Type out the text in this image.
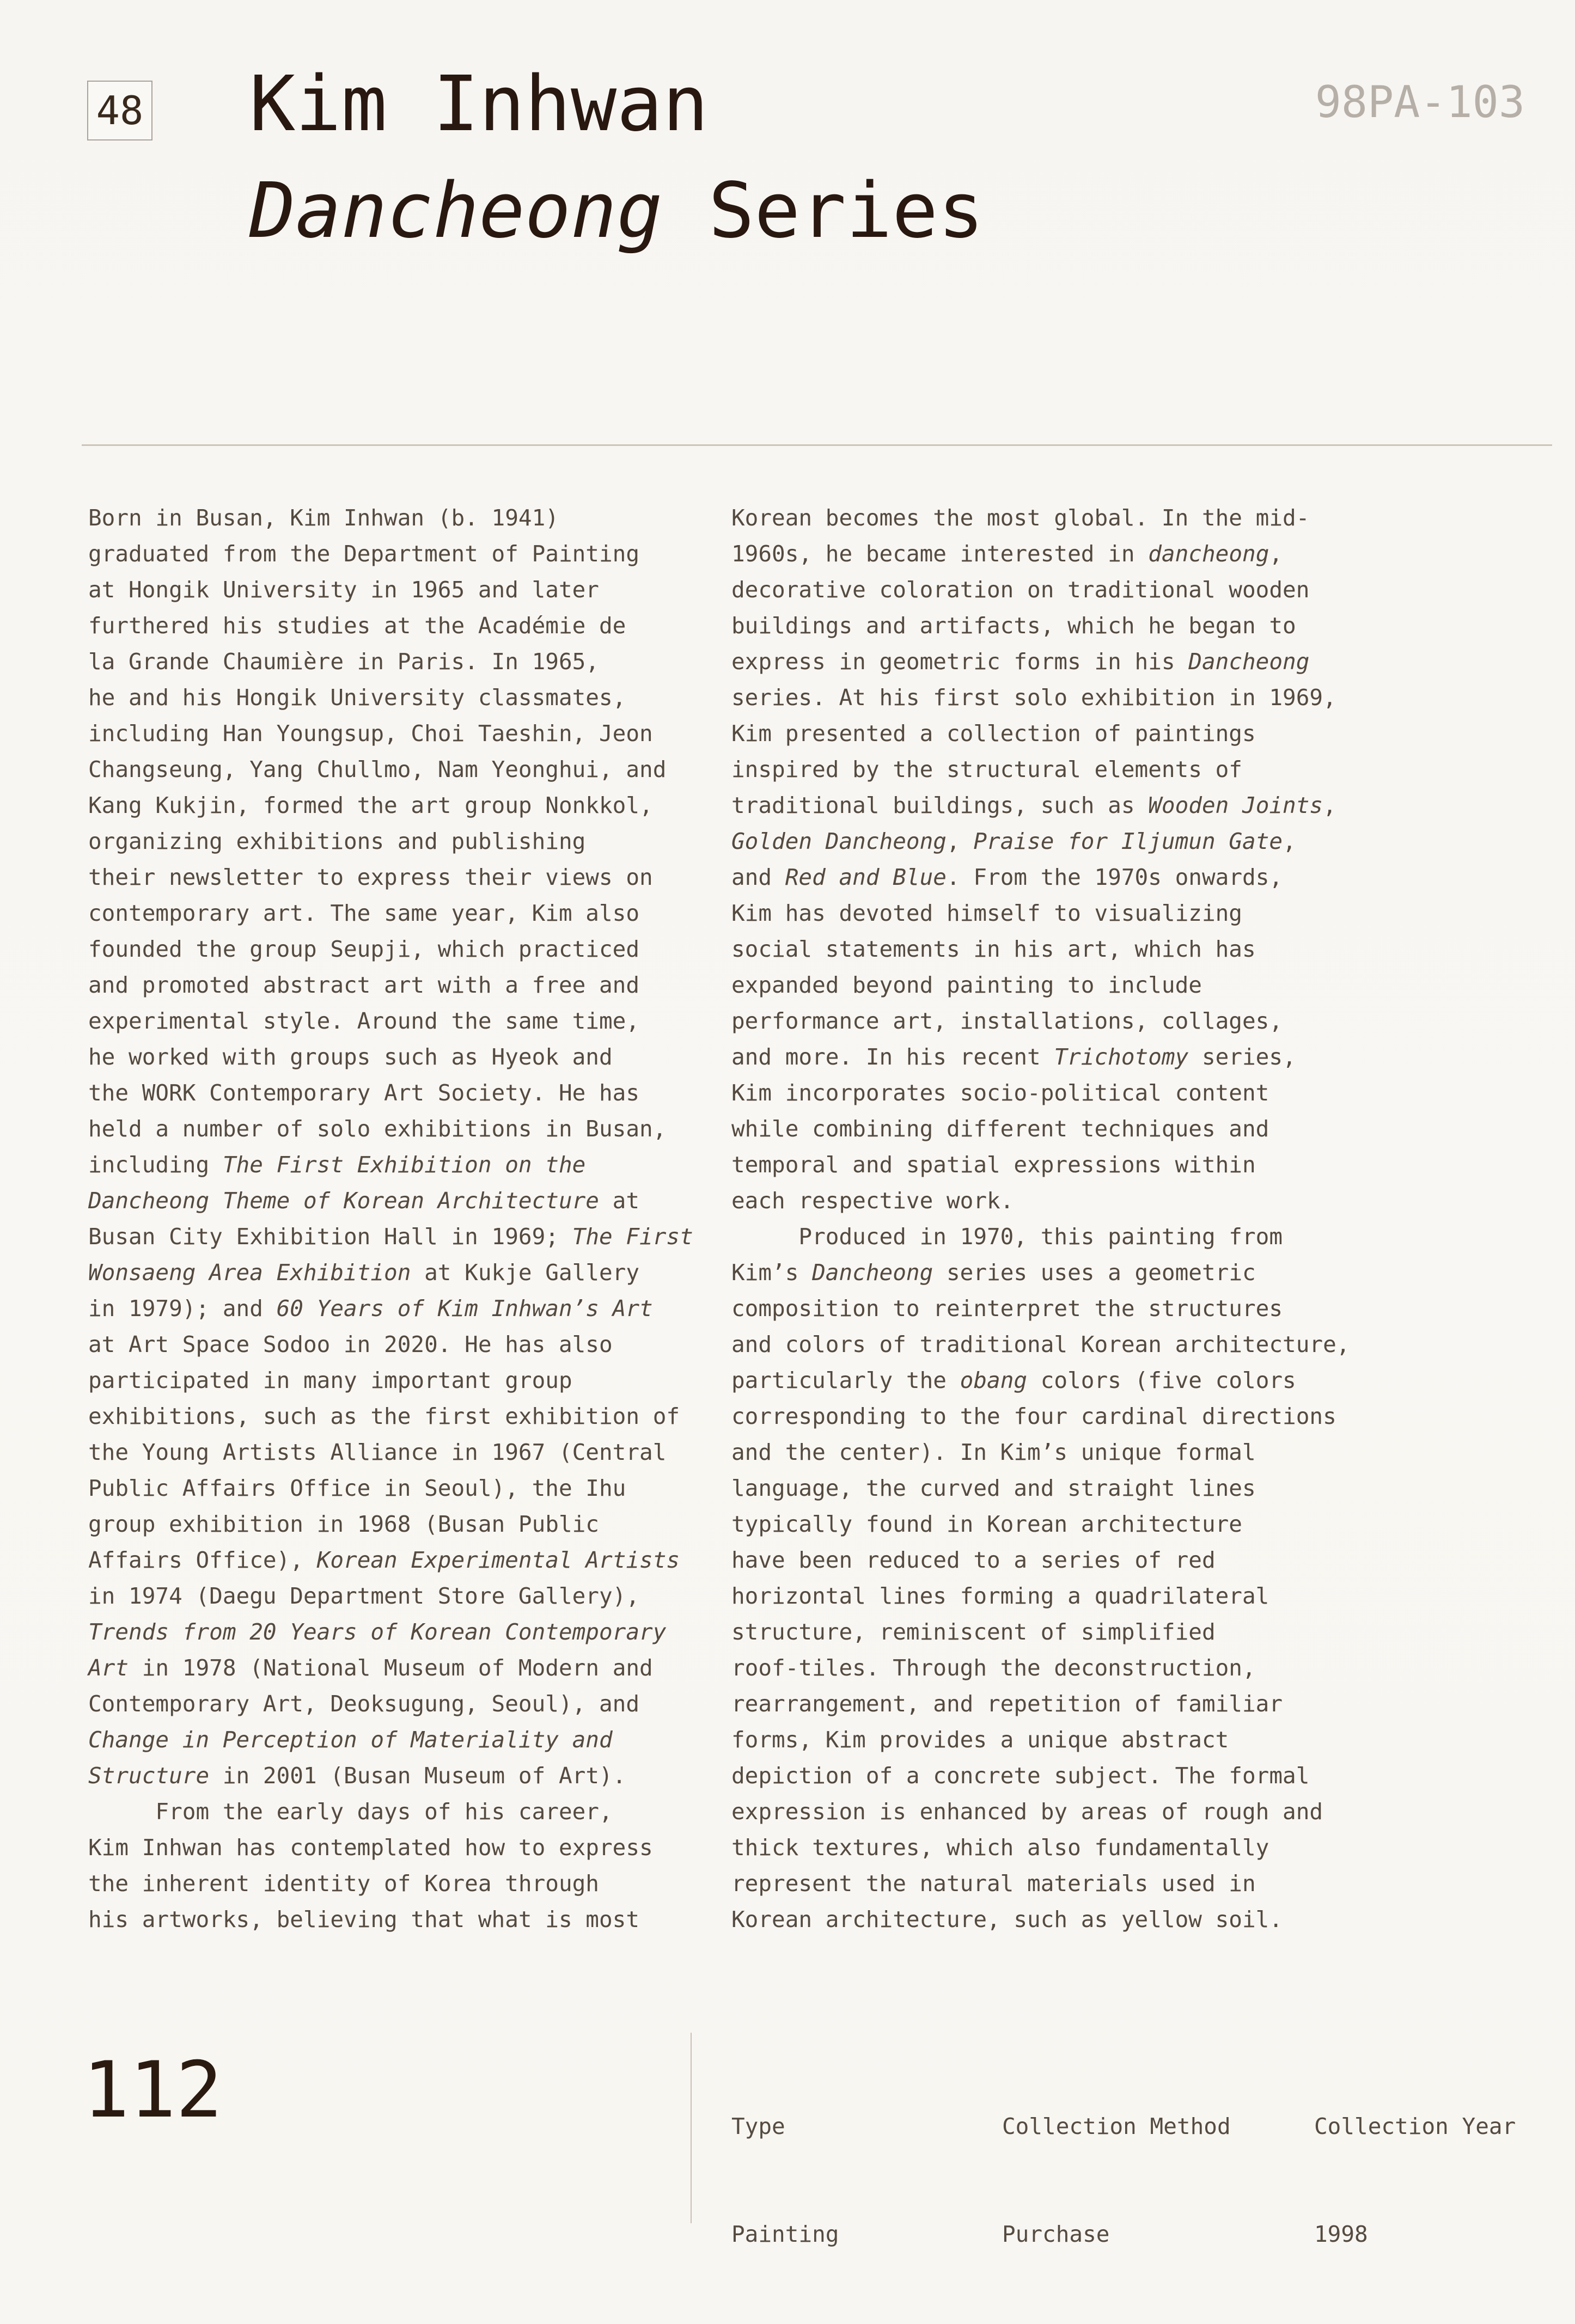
48 Kim Inhwan
Dancheong Series
98PA-103
Born in Busan, Kim Inhwan (b. 1941)
graduated from the Department of Painting
at Hongik University in 1965 and later
furthered his studies at the Académie de
la Grande Chaumière in Paris. In 1965,
he and his Hongik University classmates,
including Han Youngsup, Choi Taeshin, Jeon
Changseung, Yang Chullmo, Nam Yeonghui, and
Kang Kukjin, formed the art group Nonkkol,
organizing exhibitions and publishing
their newsletter to express their views on
contemporary art. The same year, Kim also
founded the group Seupji, which practiced
and promoted abstract art with a free and
experimental style. Around the same time,
he worked with groups such as Hyeok and
the WORK Contemporary Art Society. He has
held a number of solo exhibitions in Busan,
including The First Exhibition on the
Dancheong Theme of Korean Architecture at
Busan City Exhibition Hall in 1969; The First
Wonsaeng Area Exhibition at Kukje Gallery
in 1979); and 60 Years of Kim Inhwan’s Art
at Art Space Sodoo in 2020. He has also
participated in many important group
exhibitions, such as the first exhibition of
the Young Artists Alliance in 1967 (Central
Public Affairs Office in Seoul), the Ihu
group exhibition in 1968 (Busan Public
Affairs Office), Korean Experimental Artists
in 1974 (Daegu Department Store Gallery),
Trends from 20 Years of Korean Contemporary
Art in 1978 (National Museum of Modern and
Contemporary Art, Deoksugung, Seoul), and
Change in Perception of Materiality and
Structure in 2001 (Busan Museum of Art).
From the early days of his career,
Kim Inhwan has contemplated how to express
the inherent identity of Korea through
his artworks, believing that what is most
Korean becomes the most global. In the mid-
1960s, he became interested in dancheong,
decorative coloration on traditional wooden
buildings and artifacts, which he began to
express in geometric forms in his Dancheong
series. At his first solo exhibition in 1969,
Kim presented a collection of paintings
inspired by the structural elements of
traditional buildings, such as Wooden Joints,
Golden Dancheong, Praise for Iljumun Gate,
and Red and Blue. From the 1970s onwards,
Kim has devoted himself to visualizing
social statements in his art, which has
expanded beyond painting to include
performance art, installations, collages,
and more. In his recent Trichotomy series,
Kim incorporates socio-political content
while combining different techniques and
temporal and spatial expressions within
each respective work.
Produced in 1970, this painting from
Kim’s Dancheong series uses a geometric
composition to reinterpret the structures
and colors of traditional Korean architecture,
particularly the obang colors (five colors
corresponding to the four cardinal directions
and the center). In Kim’s unique formal
language, the curved and straight lines
typically found in Korean architecture
have been reduced to a series of red
horizontal lines forming a quadrilateral
structure, reminiscent of simplified
roof-tiles. Through the deconstruction,
rearrangement, and repetition of familiar
forms, Kim provides a unique abstract
depiction of a concrete subject. The formal
expression is enhanced by areas of rough and
thick textures, which also fundamentally
represent the natural materials used in
Korean architecture, such as yellow soil.

Type

Painting

Collection Method

Purchase

Collection Year

1998

112
